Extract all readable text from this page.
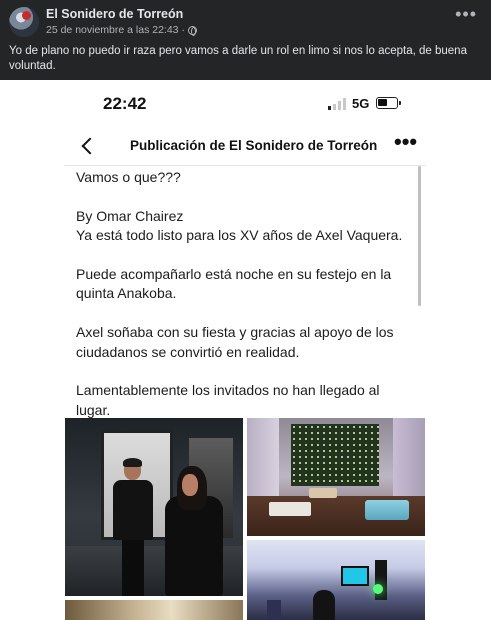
El Sonidero de Torreón
25 de noviembre a las 22:43 ·
•••
Yo de plano no puedo ir raza pero vamos a darle un rol en limo si nos lo acepta, de buena voluntad.
22:42	5G
Publicación de El Sonidero de Torreón •••

Vamos o que???

By Omar Chairez

Ya está todo listo para los XV años de Axel Vaquera.

Puede acompañarlo está noche en su festejo en la

quinta Anakoba.

Axel soñaba con su fiesta y gracias al apoyo de los

ciudadanos se convirtió en realidad.

Lamentablemente los invitados no han llegado al

lugar.
